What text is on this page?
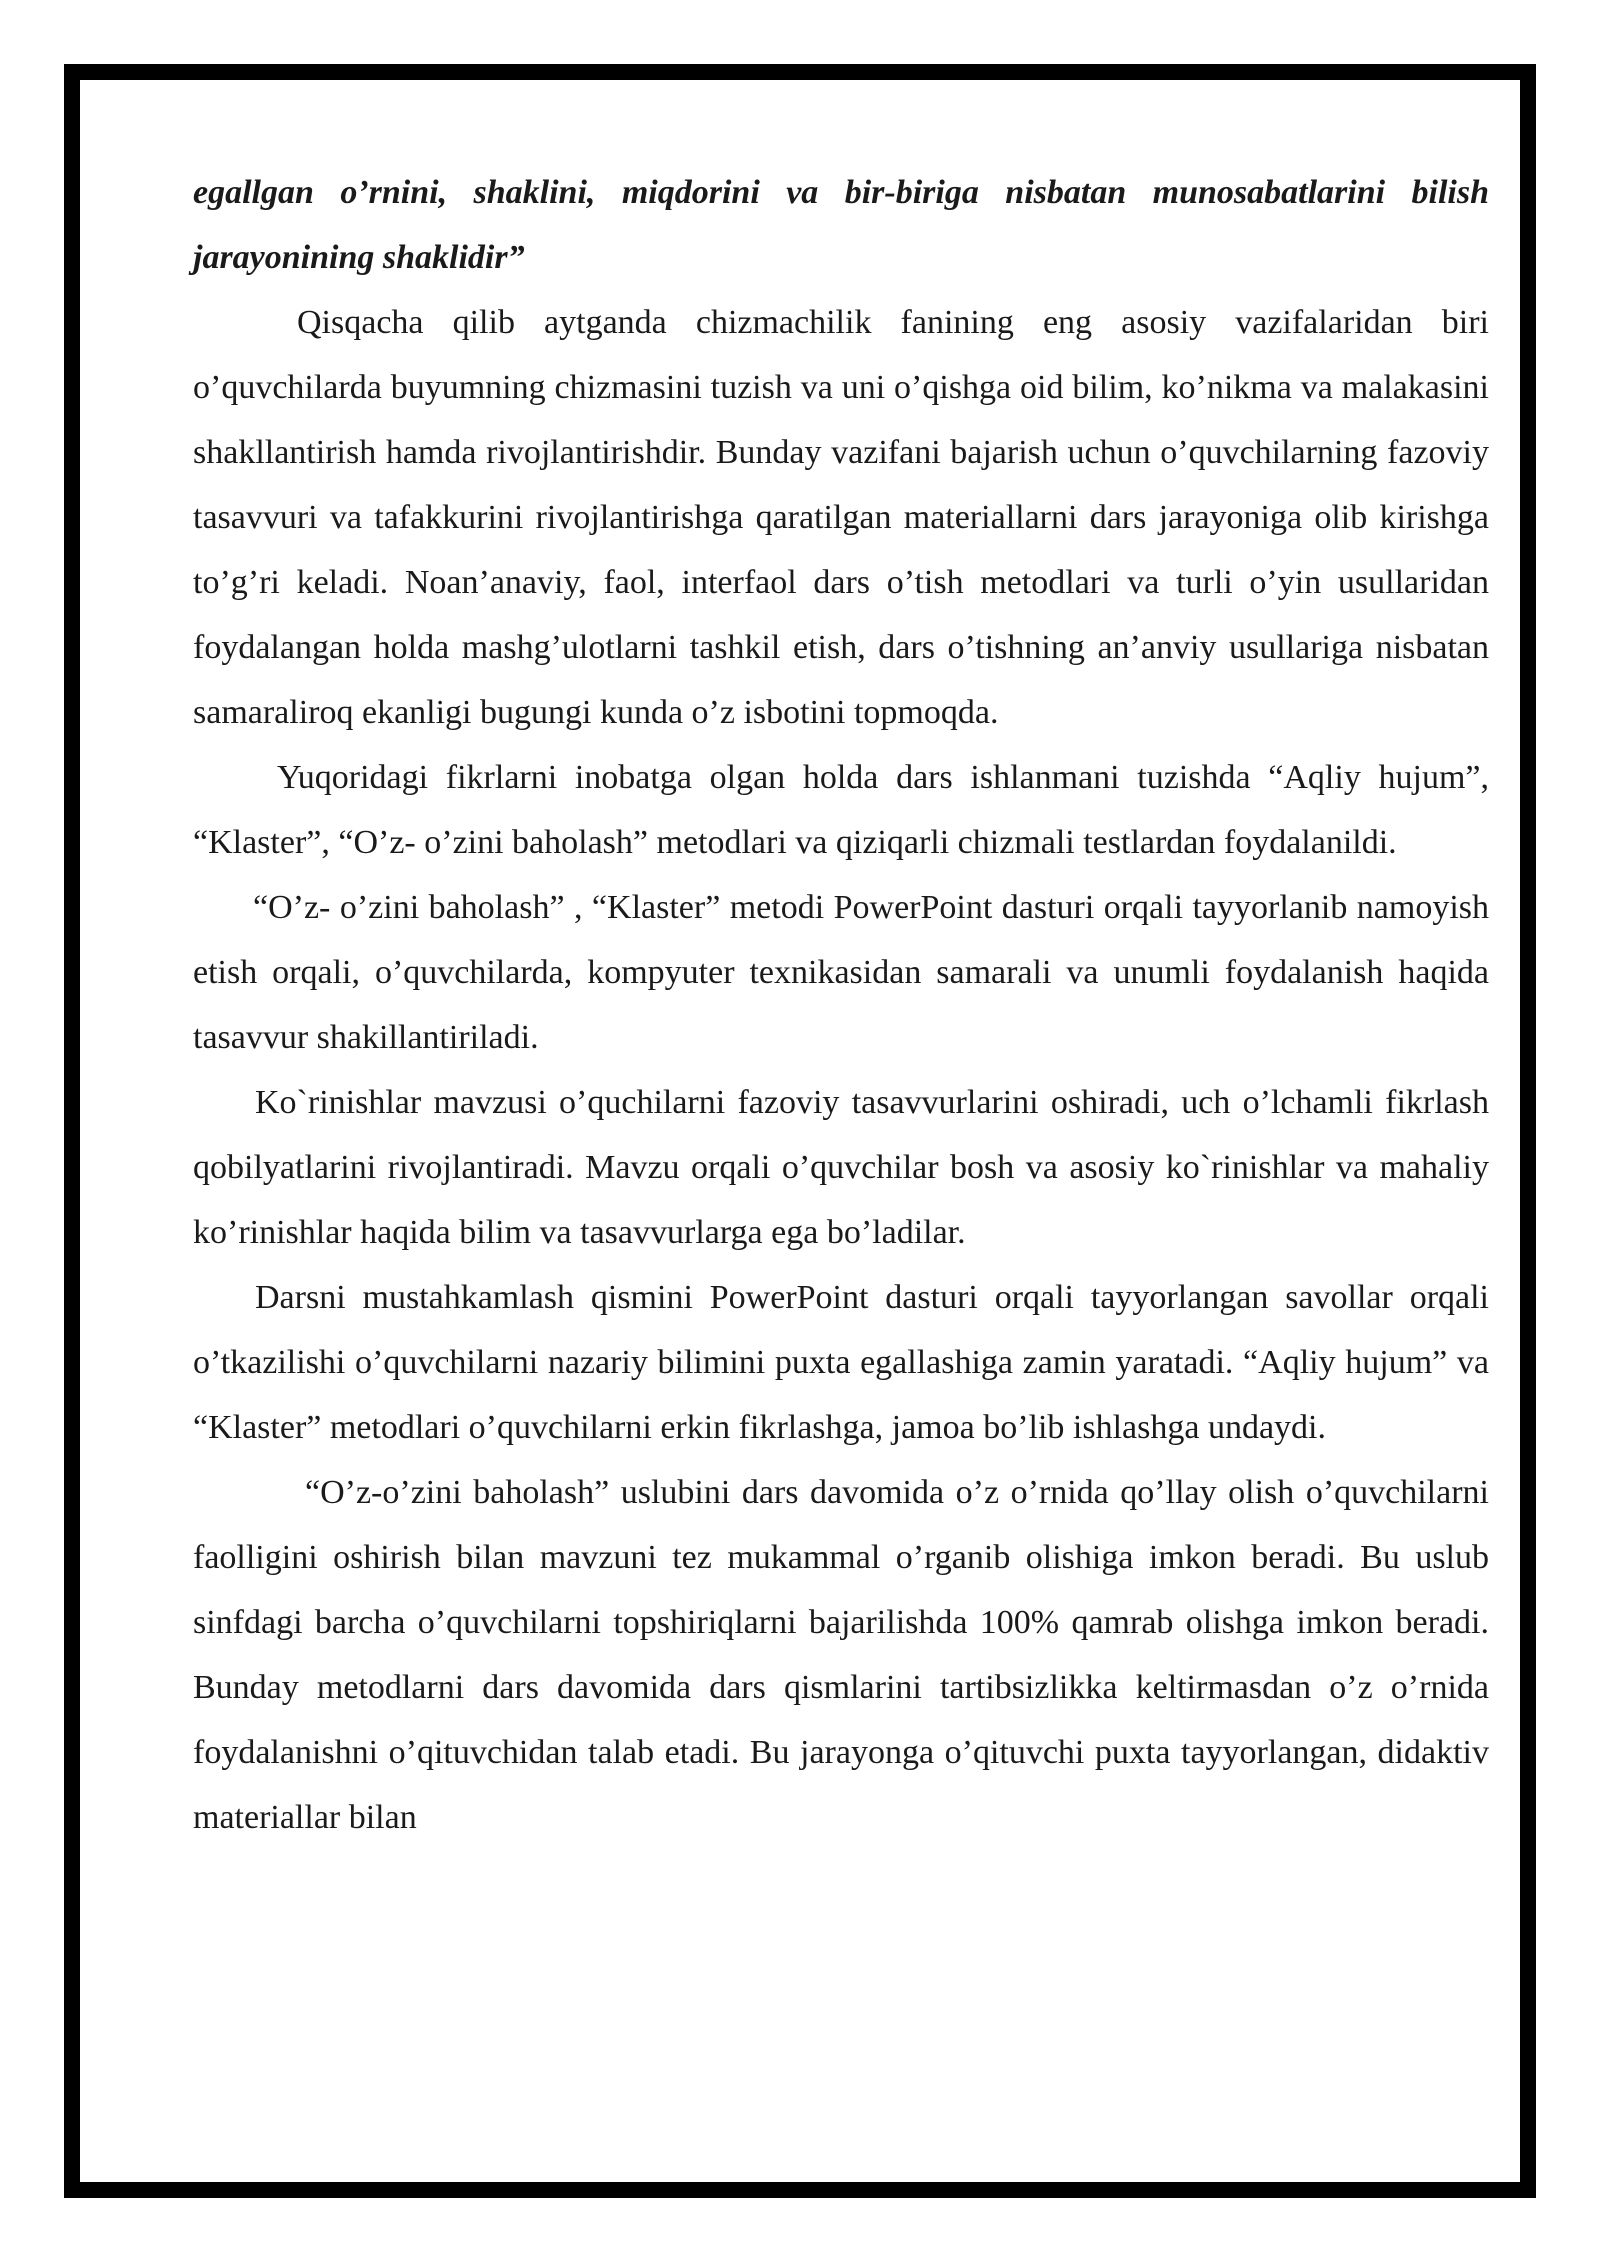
egallgan o’rnini, shaklini, miqdorini va bir-biriga nisbatan munosabatlarini bilish jarayonining shaklidir”

Qisqacha qilib aytganda chizmachilik fanining eng asosiy vazifalaridan biri o’quvchilarda buyumning chizmasini tuzish va uni o’qishga oid bilim, ko’nikma va malakasini shakllantirish hamda rivojlantirishdir. Bunday vazifani bajarish uchun o’quvchilarning fazoviy tasavvuri va tafakkurini rivojlantirishga qaratilgan materiallarni dars jarayoniga olib kirishga to’g’ri keladi. Noan’anaviy, faol, interfaol dars o’tish metodlari va turli o’yin usullaridan foydalangan holda mashg’ulotlarni tashkil etish, dars o’tishning an’anviy usullariga nisbatan samaraliroq ekanligi bugungi kunda o’z isbotini topmoqda.

Yuqoridagi fikrlarni inobatga olgan holda dars ishlanmani tuzishda “Aqliy hujum”, “Klaster”, “O’z- o’zini baholash” metodlari va qiziqarli chizmali testlardan foydalanildi.

“O’z- o’zini baholash” , “Klaster” metodi PowerPoint dasturi orqali tayyorlanib namoyish etish orqali, o’quvchilarda, kompyuter texnikasidan samarali va unumli foydalanish haqida tasavvur shakillantiriladi.

Ko`rinishlar mavzusi o’quchilarni fazoviy tasavvurlarini oshiradi, uch o’lchamli fikrlash qobilyatlarini rivojlantiradi. Mavzu orqali o’quvchilar bosh va asosiy ko`rinishlar va mahaliy ko’rinishlar haqida bilim va tasavvurlarga ega bo’ladilar.

Darsni mustahkamlash qismini PowerPoint dasturi orqali tayyorlangan savollar orqali o’tkazilishi o’quvchilarni nazariy bilimini puxta egallashiga zamin yaratadi. “Aqliy hujum” va “Klaster” metodlari o’quvchilarni erkin fikrlashga, jamoa bo’lib ishlashga undaydi.

“O’z-o’zini baholash” uslubini dars davomida o’z o’rnida qo’llay olish o’quvchilarni faolligini oshirish bilan mavzuni tez mukammal o’rganib olishiga imkon beradi. Bu uslub sinfdagi barcha o’quvchilarni topshiriqlarni bajarilishda 100% qamrab olishga imkon beradi. Bunday metodlarni dars davomida dars qismlarini tartibsizlikka keltirmasdan o’z o’rnida foydalanishni o’qituvchidan talab etadi. Bu jarayonga o’qituvchi puxta tayyorlangan, didaktiv materiallar bilan
